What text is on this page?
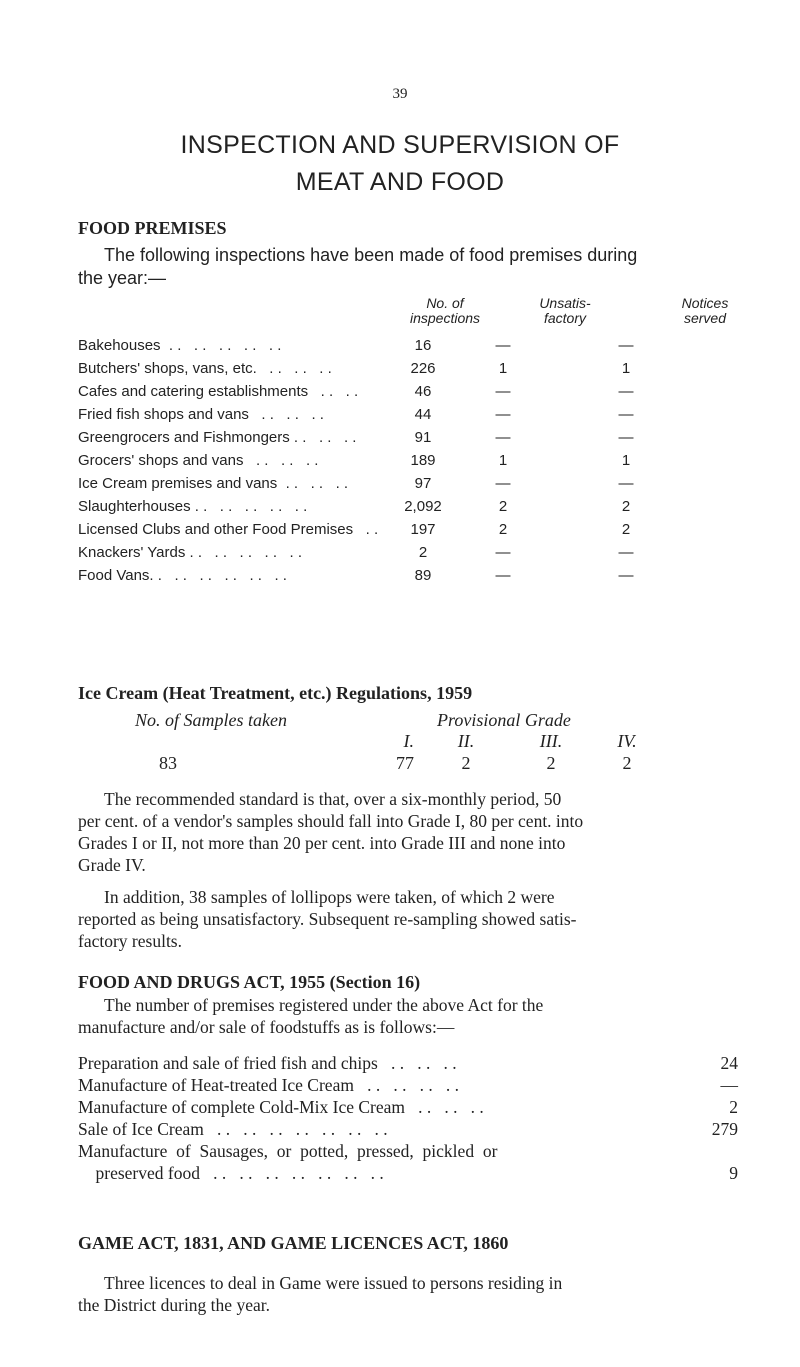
39
INSPECTION AND SUPERVISION OF
MEAT AND FOOD
FOOD PREMISES
The following inspections have been made of food premises during
the year:—
No. of
inspections
Unsatis-
factory
Notices
served
Bakehouses  . .   . .   . .   . .   . .	16	—	—
Butchers' shops, vans, etc.   . .   . .   . .	226	1	1
Cafes and catering establishments   . .   . .	46	—	—
Fried fish shops and vans   . .   . .   . .	44	—	—
Greengrocers and Fishmongers . .   . .   . .	91	—	—
Grocers' shops and vans   . .   . .   . .	189	1	1
Ice Cream premises and vans  . .   . .   . .	97	—	—
Slaughterhouses . .   . .   . .   . .   . .	2,092	2	2
Licensed Clubs and other Food Premises   . .	197	2	2
Knackers' Yards . .   . .   . .   . .   . .	2	—	—
Food Vans. .   . .   . .   . .   . .   . .	89	—	—
Ice Cream (Heat Treatment, etc.) Regulations, 1959
No. of Samples taken	Provisional Grade
I.	II.	III.	IV.
83	77	2	2	2
The recommended standard is that, over a six-monthly period, 50
per cent. of a vendor's samples should fall into Grade I, 80 per cent. into
Grades I or II, not more than 20 per cent. into Grade III and none into
Grade IV.
In addition, 38 samples of lollipops were taken, of which 2 were
reported as being unsatisfactory. Subsequent re-sampling showed satis-
factory results.
FOOD AND DRUGS ACT, 1955 (Section 16)
The number of premises registered under the above Act for the
manufacture and/or sale of foodstuffs as is follows:—
Preparation and sale of fried fish and chips   . .   . .   . .	24
Manufacture of Heat-treated Ice Cream   . .   . .   . .   . .	—
Manufacture of complete Cold-Mix Ice Cream   . .   . .   . .	2
Sale of Ice Cream   . .   . .   . .   . .   . .   . .   . .	279
Manufacture  of  Sausages,  or  potted,  pressed,  pickled  or
preserved food   . .   . .   . .   . .   . .   . .   . .	9
GAME ACT, 1831, AND GAME LICENCES ACT, 1860
Three licences to deal in Game were issued to persons residing in
the District during the year.
